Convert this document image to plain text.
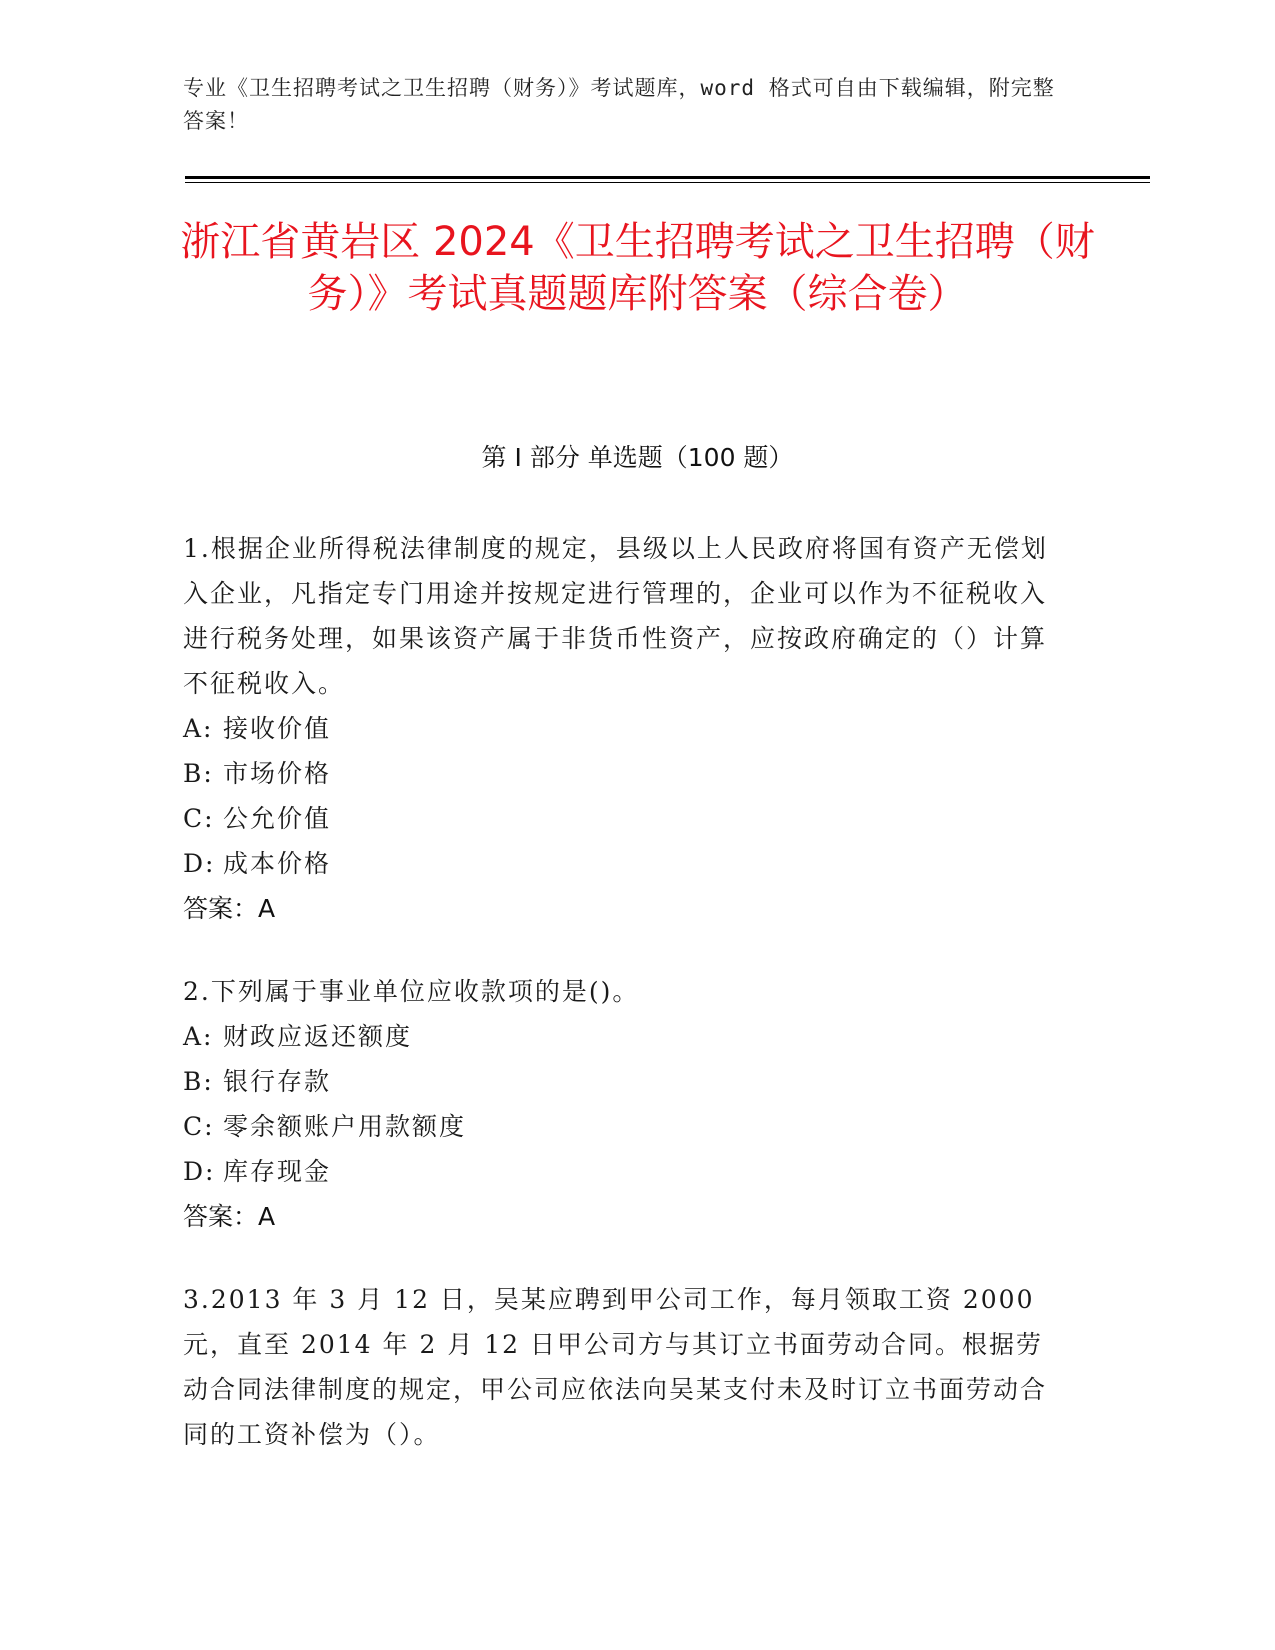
专业《卫生招聘考试之卫生招聘（财务）》考试题库，word 格式可自由下载编辑，附完整答案！
浙江省黄岩区 2024《卫生招聘考试之卫生招聘（财务）》考试真题题库附答案（综合卷）
第 I 部分 单选题（100 题）
1.根据企业所得税法律制度的规定，县级以上人民政府将国有资产无偿划入企业，凡指定专门用途并按规定进行管理的，企业可以作为不征税收入进行税务处理，如果该资产属于非货币性资产，应按政府确定的（）计算不征税收入。
A: 接收价值
B: 市场价格
C: 公允价值
D: 成本价格
答案：A
2.下列属于事业单位应收款项的是()。
A: 财政应返还额度
B: 银行存款
C: 零余额账户用款额度
D: 库存现金
答案：A
3.2013 年 3 月 12 日，吴某应聘到甲公司工作，每月领取工资 2000 元，直至 2014 年 2 月 12 日甲公司方与其订立书面劳动合同。根据劳动合同法律制度的规定，甲公司应依法向吴某支付未及时订立书面劳动合同的工资补偿为（）。
